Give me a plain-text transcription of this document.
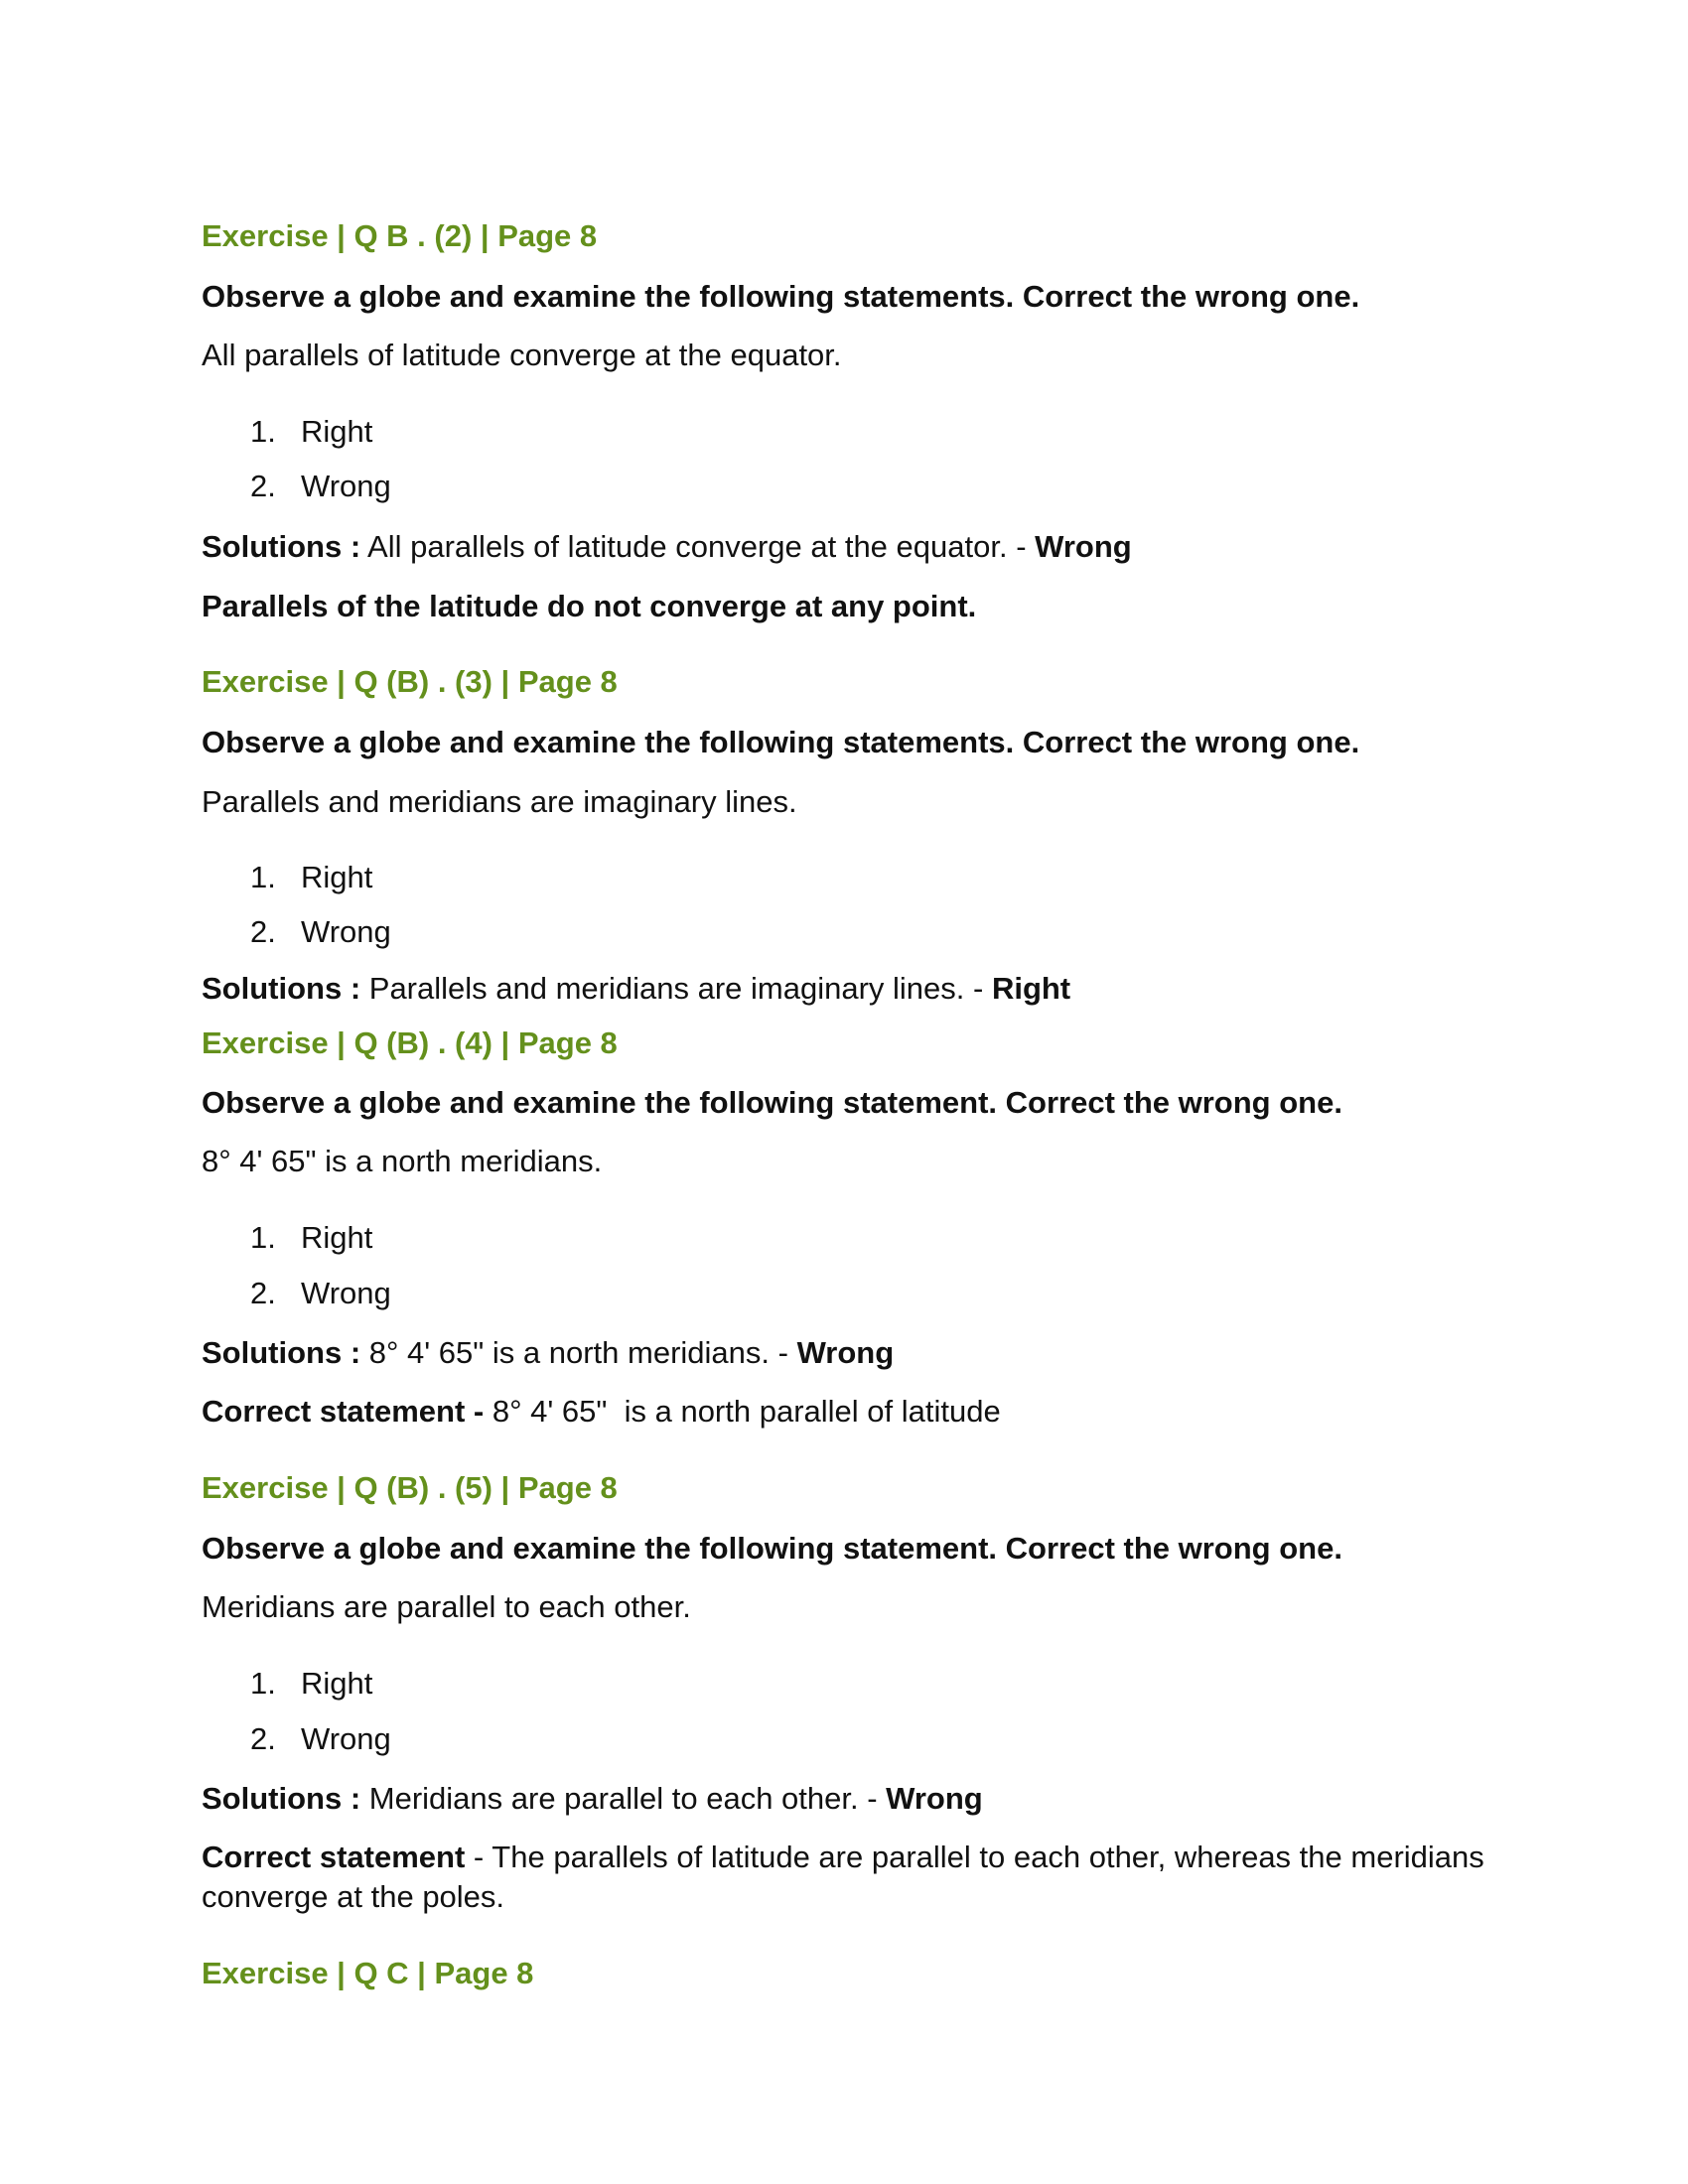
Exercise | Q B . (2) | Page 8
Observe a globe and examine the following statements. Correct the wrong one.
All parallels of latitude converge at the equator.
1. Right
2. Wrong
Solutions : All parallels of latitude converge at the equator. - Wrong
Parallels of the latitude do not converge at any point.
Exercise | Q (B) . (3) | Page 8
Observe a globe and examine the following statements. Correct the wrong one.
Parallels and meridians are imaginary lines.
1. Right
2. Wrong
Solutions : Parallels and meridians are imaginary lines. - Right
Exercise | Q (B) . (4) | Page 8
Observe a globe and examine the following statement. Correct the wrong one.
8° 4' 65" is a north meridians.
1. Right
2. Wrong
Solutions : 8° 4' 65" is a north meridians. - Wrong
Correct statement - 8° 4' 65"  is a north parallel of latitude
Exercise | Q (B) . (5) | Page 8
Observe a globe and examine the following statement. Correct the wrong one.
Meridians are parallel to each other.
1. Right
2. Wrong
Solutions : Meridians are parallel to each other. - Wrong
Correct statement - The parallels of latitude are parallel to each other, whereas the meridians converge at the poles.
Exercise | Q C | Page 8
